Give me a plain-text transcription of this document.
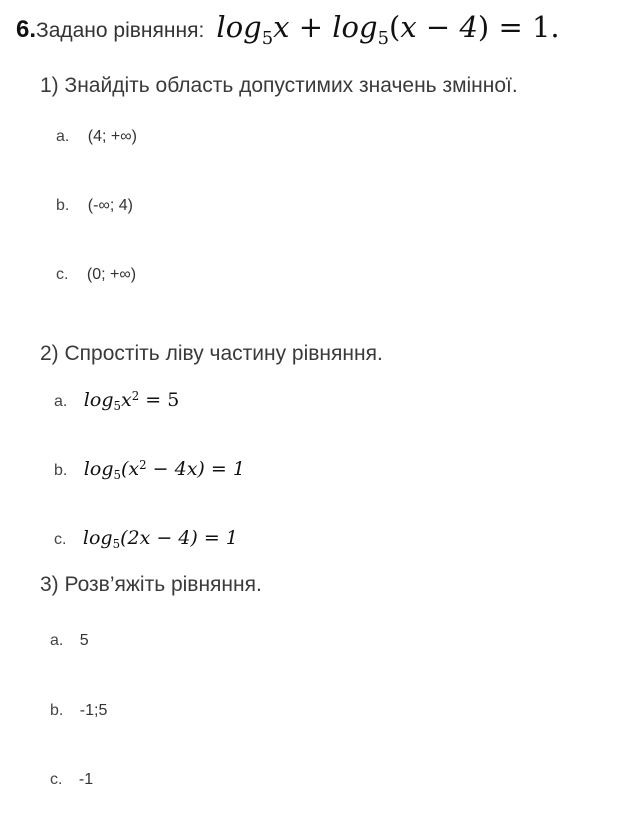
6.Задано рівняння: $\log_5x + \log_5(x - 4) = 1$.
1) Знайдіть область допустимих значень змінної.
a. (4; +∞)
b. (-∞; 4)
c. (0; +∞)
2) Спростіть ліву частину рівняння.
a. $\log_5x^2 = 5$
b. $\log_5(x^2 - 4x) = 1$
c. $\log_5(2x - 4) = 1$
3) Розв’яжіть рівняння.
a. 5
b. -1;5
c. -1
